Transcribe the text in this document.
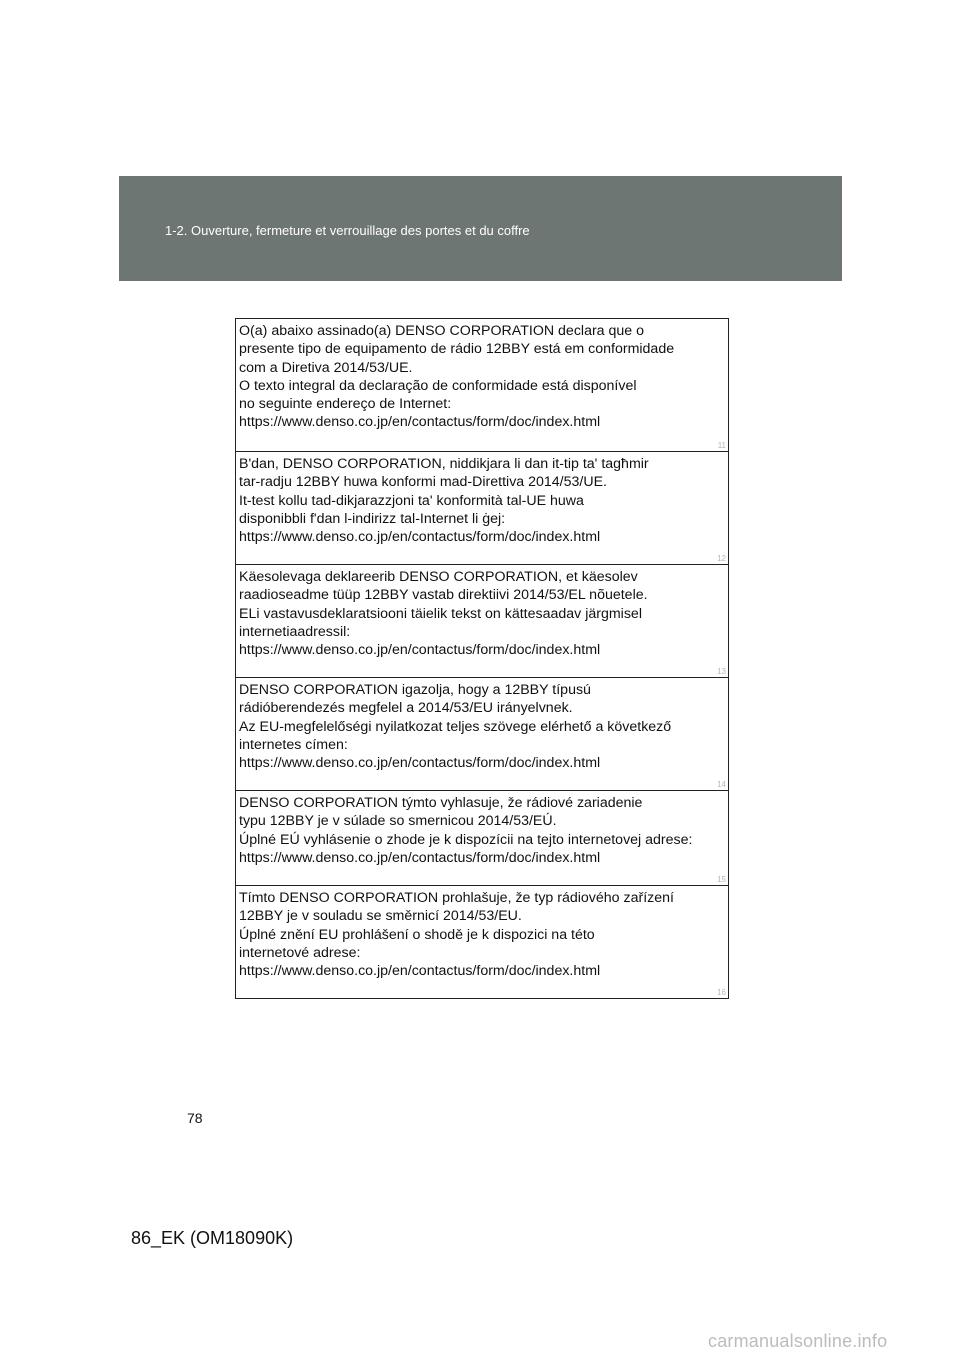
1-2. Ouverture, fermeture et verrouillage des portes et du coffre
O(a) abaixo assinado(a) DENSO CORPORATION declara que o
presente tipo de equipamento de rádio 12BBY está em conformidade
com a Diretiva 2014/53/UE.
O texto integral da declaração de conformidade está disponível
no seguinte endereço de Internet:
https://www.denso.co.jp/en/contactus/form/doc/index.html
11
B'dan, DENSO CORPORATION, niddikjara li dan it-tip ta' tagħmir
tar-radju 12BBY huwa konformi mad-Direttiva 2014/53/UE.
It-test kollu tad-dikjarazzjoni ta' konformità tal-UE huwa
disponibbli f'dan l-indirizz tal-Internet li ġej:
https://www.denso.co.jp/en/contactus/form/doc/index.html
12
Käesolevaga deklareerib DENSO CORPORATION, et käesolev
raadioseadme tüüp 12BBY vastab direktiivi 2014/53/EL nõuetele.
ELi vastavusdeklaratsiooni täielik tekst on kättesaadav järgmisel
internetiaadressil:
https://www.denso.co.jp/en/contactus/form/doc/index.html
13
DENSO CORPORATION igazolja, hogy a 12BBY típusú
rádióberendezés megfelel a 2014/53/EU irányelvnek.
Az EU-megfelelőségi nyilatkozat teljes szövege elérhető a következő
internetes címen:
https://www.denso.co.jp/en/contactus/form/doc/index.html
14
DENSO CORPORATION týmto vyhlasuje, že rádiové zariadenie
typu 12BBY je v súlade so smernicou 2014/53/EÚ.
Úplné EÚ vyhlásenie o zhode je k dispozícii na tejto internetovej adrese:
https://www.denso.co.jp/en/contactus/form/doc/index.html
15
Tímto DENSO CORPORATION prohlašuje, že typ rádiového zařízení
12BBY je v souladu se směrnicí 2014/53/EU.
Úplné znění EU prohlášení o shodě je k dispozici na této
internetové adrese:
https://www.denso.co.jp/en/contactus/form/doc/index.html
16
78
86_EK (OM18090K)
carmanualsonline.info
